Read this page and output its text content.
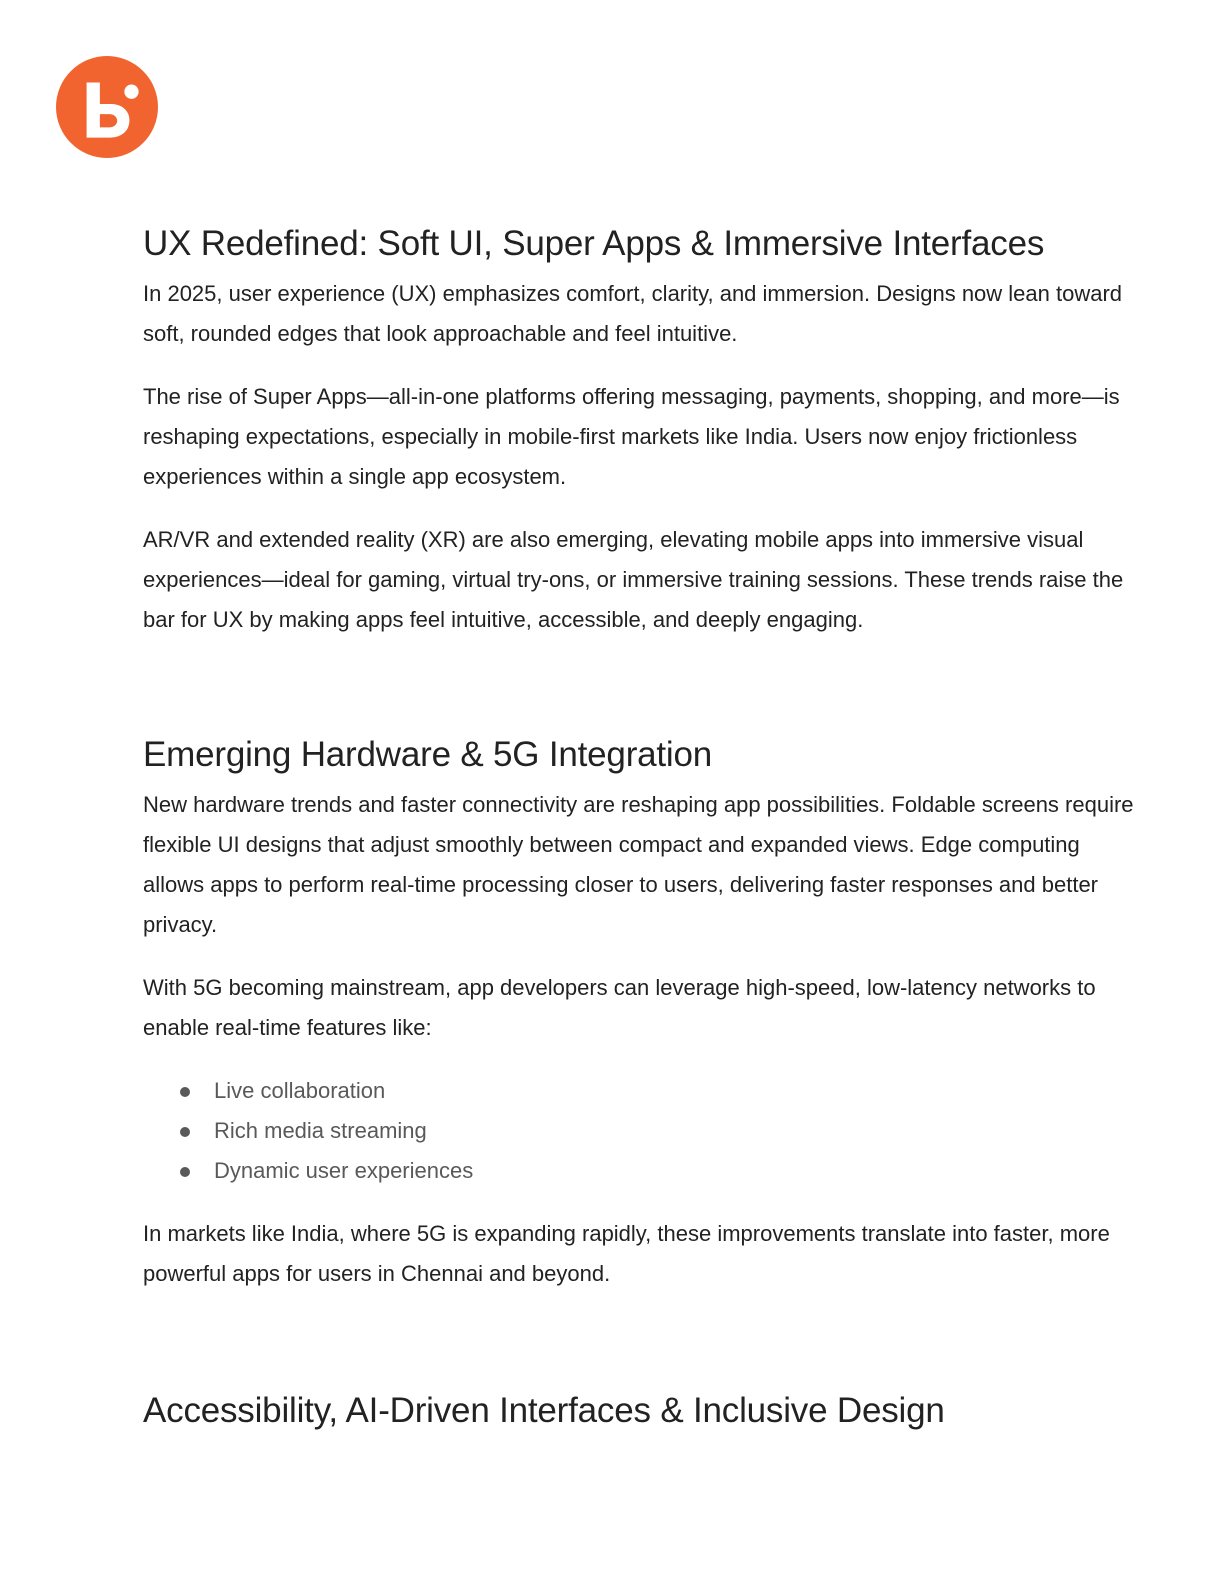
UX Redefined: Soft UI, Super Apps & Immersive Interfaces

In 2025, user experience (UX) emphasizes comfort, clarity, and immersion. Designs now lean toward soft, rounded edges that look approachable and feel intuitive.

The rise of Super Apps—all-in-one platforms offering messaging, payments, shopping, and more—is reshaping expectations, especially in mobile-first markets like India. Users now enjoy frictionless experiences within a single app ecosystem.

AR/VR and extended reality (XR) are also emerging, elevating mobile apps into immersive visual experiences—ideal for gaming, virtual try-ons, or immersive training sessions. These trends raise the bar for UX by making apps feel intuitive, accessible, and deeply engaging.

Emerging Hardware & 5G Integration

New hardware trends and faster connectivity are reshaping app possibilities. Foldable screens require flexible UI designs that adjust smoothly between compact and expanded views. Edge computing allows apps to perform real-time processing closer to users, delivering faster responses and better privacy.

With 5G becoming mainstream, app developers can leverage high-speed, low-latency networks to enable real-time features like:

Live collaboration
Rich media streaming
Dynamic user experiences

In markets like India, where 5G is expanding rapidly, these improvements translate into faster, more powerful apps for users in Chennai and beyond.

Accessibility, AI-Driven Interfaces & Inclusive Design
